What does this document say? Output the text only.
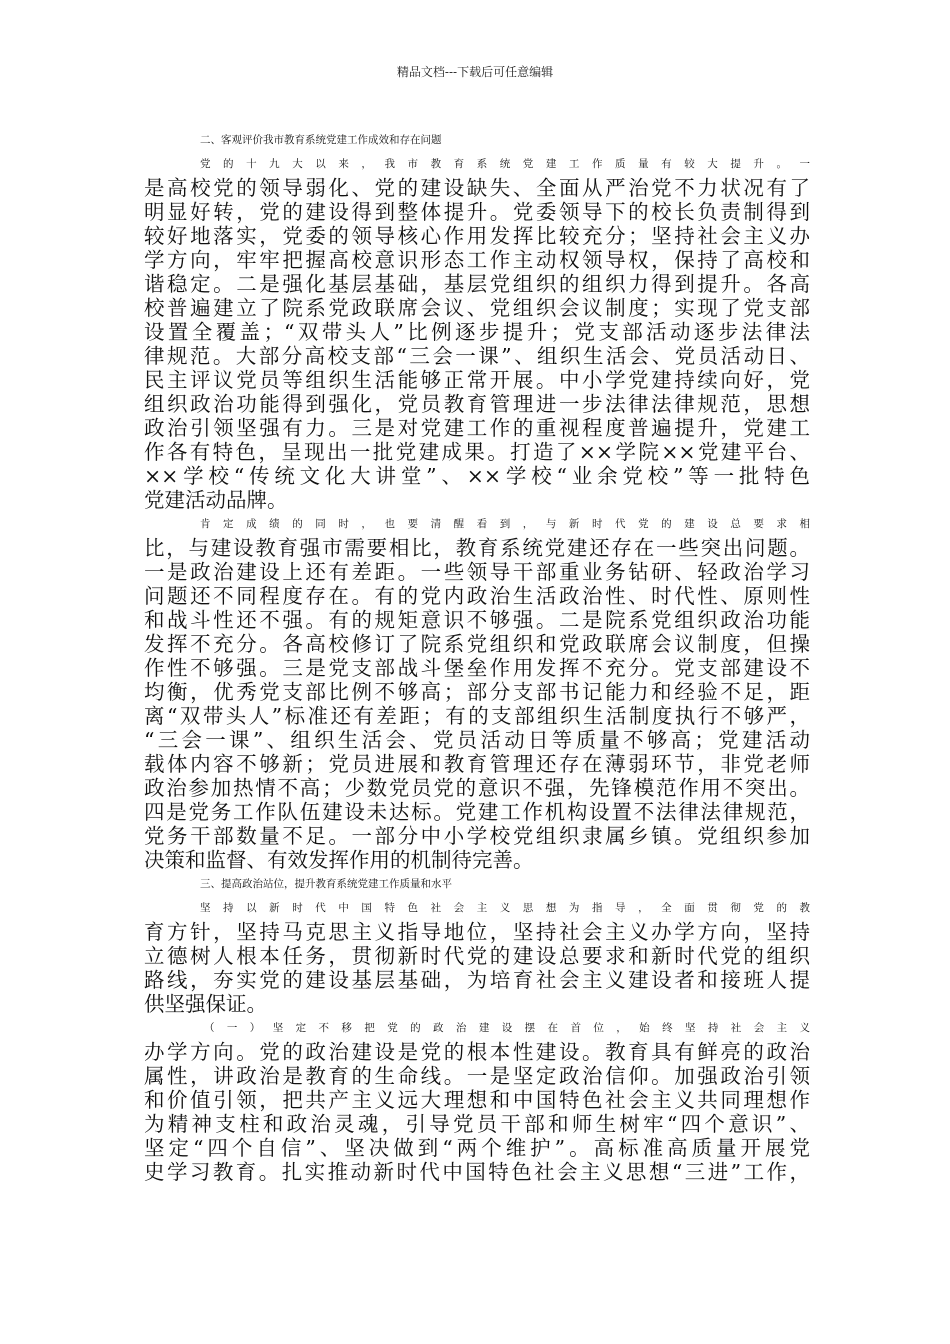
精品文档---下载后可任意编辑
二、客观评价我市教育系统党建工作成效和存在问题
党的十九大以来，我市教育系统党建工作质量有较大提升。一
是高校党的领导弱化、党的建设缺失、全面从严治党不力状况有了
明显好转，党的建设得到整体提升。党委领导下的校长负责制得到
较好地落实，党委的领导核心作用发挥比较充分；坚持社会主义办
学方向，牢牢把握高校意识形态工作主动权领导权，保持了高校和
谐稳定。二是强化基层基础，基层党组织的组织力得到提升。各高
校普遍建立了院系党政联席会议、党组织会议制度；实现了党支部
设置全覆盖；“双带头人”比例逐步提升；党支部活动逐步法律法
律规范。大部分高校支部“三会一课”、组织生活会、党员活动日、
民主评议党员等组织生活能够正常开展。中小学党建持续向好，党
组织政治功能得到强化，党员教育管理进一步法律法律规范，思想
政治引领坚强有力。三是对党建工作的重视程度普遍提升，党建工
作各有特色，呈现出一批党建成果。打造了××学院××党建平台、
××学校“传统文化大讲堂”、××学校“业余党校”等一批特色
党建活动品牌。
肯定成绩的同时，也要清醒看到，与新时代党的建设总要求相
比，与建设教育强市需要相比，教育系统党建还存在一些突出问题。
一是政治建设上还有差距。一些领导干部重业务钻研、轻政治学习
问题还不同程度存在。有的党内政治生活政治性、时代性、原则性
和战斗性还不强。有的规矩意识不够强。二是院系党组织政治功能
发挥不充分。各高校修订了院系党组织和党政联席会议制度，但操
作性不够强。三是党支部战斗堡垒作用发挥不充分。党支部建设不
均衡，优秀党支部比例不够高；部分支部书记能力和经验不足，距
离“双带头人”标准还有差距；有的支部组织生活制度执行不够严，
“三会一课”、组织生活会、党员活动日等质量不够高；党建活动
载体内容不够新；党员进展和教育管理还存在薄弱环节，非党老师
政治参加热情不高；少数党员党的意识不强，先锋模范作用不突出。
四是党务工作队伍建设未达标。党建工作机构设置不法律法律规范，
党务干部数量不足。一部分中小学校党组织隶属乡镇。党组织参加
决策和监督、有效发挥作用的机制待完善。
三、提高政治站位，提升教育系统党建工作质量和水平
坚持以新时代中国特色社会主义思想为指导，全面贯彻党的教
育方针，坚持马克思主义指导地位，坚持社会主义办学方向，坚持
立德树人根本任务，贯彻新时代党的建设总要求和新时代党的组织
路线，夯实党的建设基层基础，为培育社会主义建设者和接班人提
供坚强保证。
（一）坚定不移把党的政治建设摆在首位，始终坚持社会主义
办学方向。党的政治建设是党的根本性建设。教育具有鲜亮的政治
属性，讲政治是教育的生命线。一是坚定政治信仰。加强政治引领
和价值引领，把共产主义远大理想和中国特色社会主义共同理想作
为精神支柱和政治灵魂，引导党员干部和师生树牢“四个意识”、
坚定“四个自信”、坚决做到“两个维护”。高标准高质量开展党
史学习教育。扎实推动新时代中国特色社会主义思想“三进”工作，
